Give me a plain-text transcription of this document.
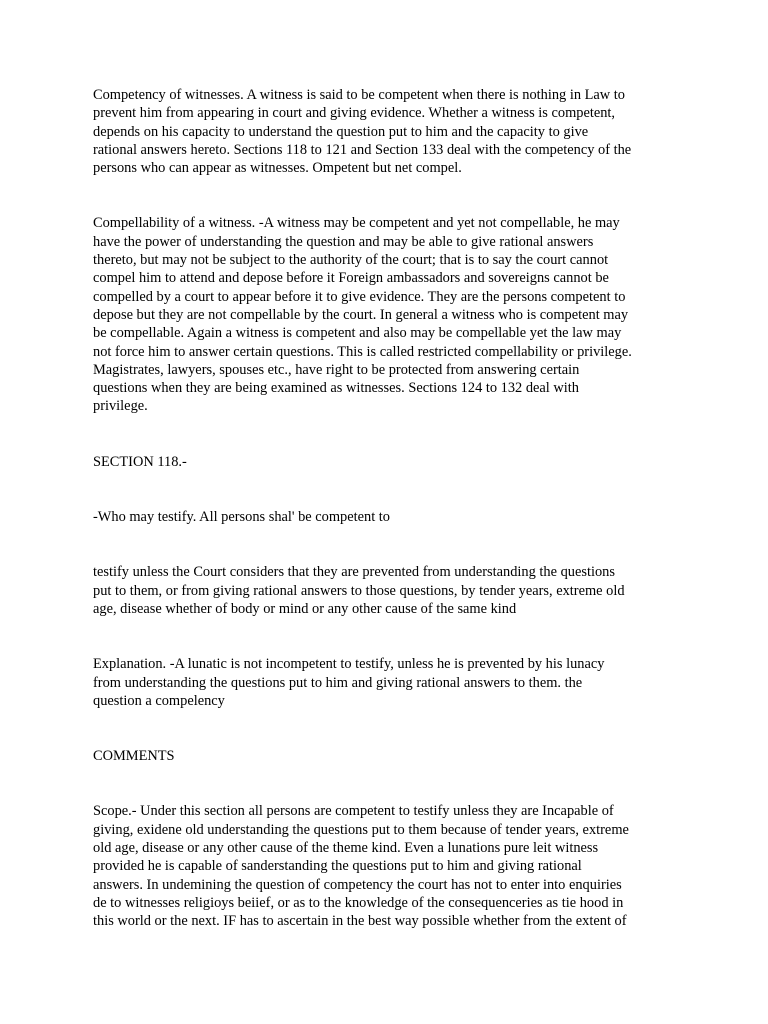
Competency of witnesses. A witness is said to be competent when there is nothing in Law to
prevent him from appearing in court and giving evidence. Whether a witness is competent,
depends on his capacity to understand the question put to him and the capacity to give
rational answers hereto. Sections 118 to 121 and Section 133 deal with the competency of the
persons who can appear as witnesses. Ompetent but net compel.

Compellability of a witness. -A witness may be competent and yet not compellable, he may
have the power of understanding the question and may be able to give rational answers
thereto, but may not be subject to the authority of the court; that is to say the court cannot
compel him to attend and depose before it Foreign ambassadors and sovereigns cannot be
compelled by a court to appear before it to give evidence. They are the persons competent to
depose but they are not compellable by the court. In general a witness who is competent may
be compellable. Again a witness is competent and also may be compellable yet the law may
not force him to answer certain questions. This is called restricted compellability or privilege.
Magistrates, lawyers, spouses etc., have right to be protected from answering certain
questions when they are being examined as witnesses. Sections 124 to 132 deal with
privilege.

SECTION 118.-

-Who may testify. All persons shal' be competent to

testify unless the Court considers that they are prevented from understanding the questions
put to them, or from giving rational answers to those questions, by tender years, extreme old
age, disease whether of body or mind or any other cause of the same kind

Explanation. -A lunatic is not incompetent to testify, unless he is prevented by his lunacy
from understanding the questions put to him and giving rational answers to them. the
question a compelency

COMMENTS

Scope.- Under this section all persons are competent to testify unless they are Incapable of
giving, exidene old understanding the questions put to them because of tender years, extreme
old age, disease or any other cause of the theme kind. Even a lunations pure leit witness
provided he is capable of sanderstanding the questions put to him and giving rational
answers. In undemining the question of competency the court has not to enter into enquiries
de to witnesses religioys beiief, or as to the knowledge of the consequenceries as tie hood in
this world or the next. IF has to ascertain in the best way possible whether from the extent of
